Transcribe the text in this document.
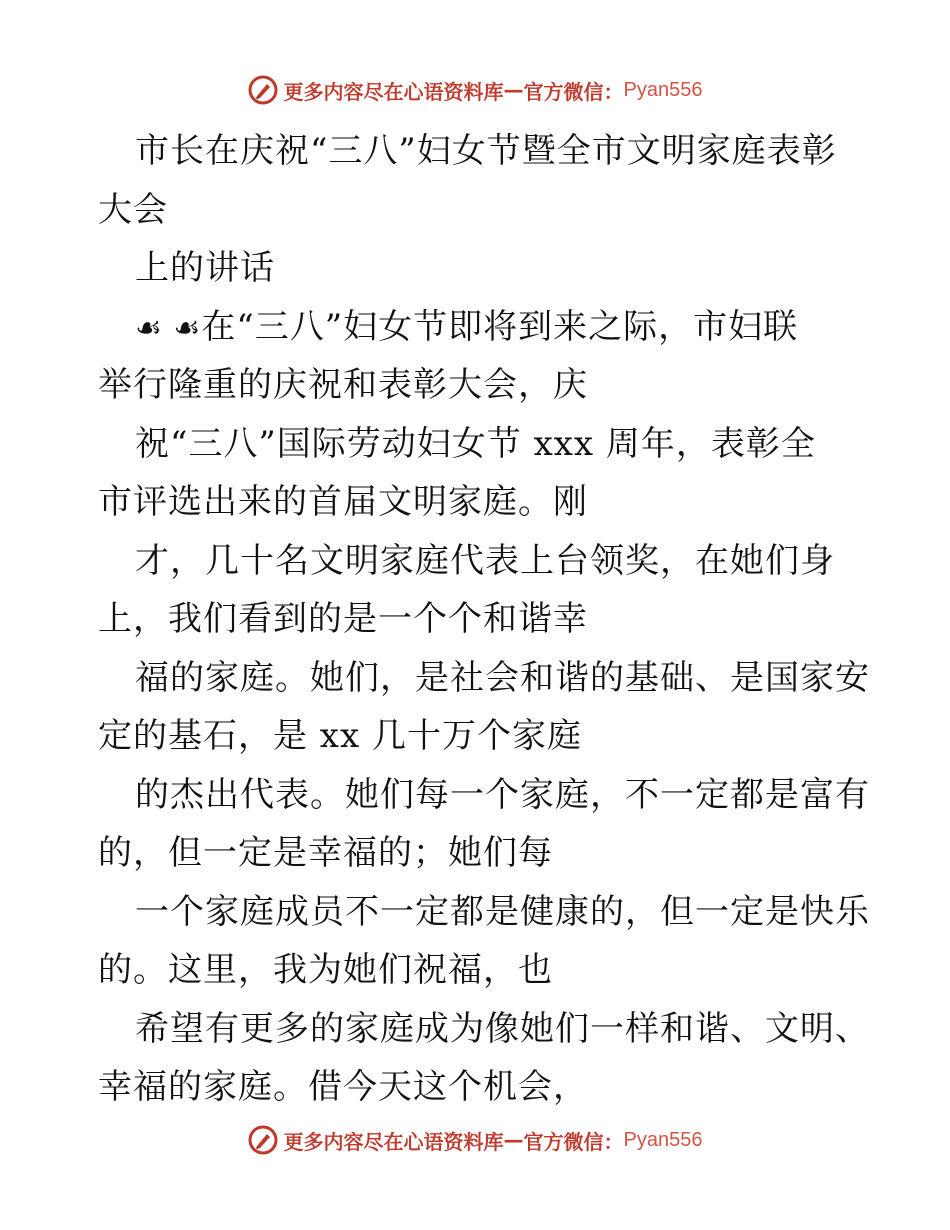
更多内容尽在心语资料库 — 官方微信： Pyan556
市长在庆祝“三八”妇女节暨全市文明家庭表彰
大会
上的讲话
☙ ☙在“三八”妇女节即将到来之际，市妇联
举行隆重的庆祝和表彰大会，庆
祝“三八”国际劳动妇女节 xxx 周年，表彰全
市评选出来的首届文明家庭。刚
才，几十名文明家庭代表上台领奖，在她们身
上，我们看到的是一个个和谐幸
福的家庭。她们，是社会和谐的基础、是国家安
定的基石，是 xx 几十万个家庭
的杰出代表。她们每一个家庭，不一定都是富有
的，但一定是幸福的；她们每
一个家庭成员不一定都是健康的，但一定是快乐
的。这里，我为她们祝福，也
希望有更多的家庭成为像她们一样和谐、文明、
幸福的家庭。借今天这个机会，
更多内容尽在心语资料库 — 官方微信： Pyan556
